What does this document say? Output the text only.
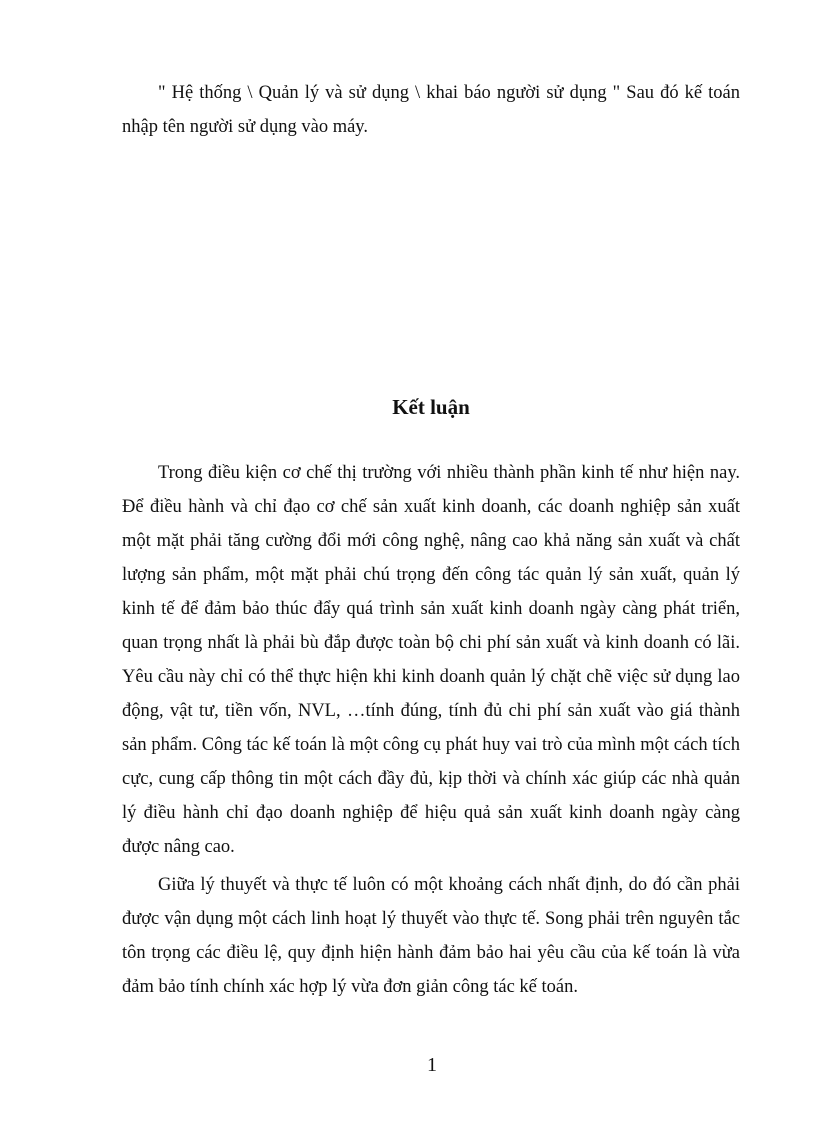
" Hệ thống \ Quản lý và sử dụng \ khai báo người sử dụng " Sau đó kế toán nhập tên người sử dụng vào máy.

Kết luận

Trong điều kiện cơ chế thị trường với nhiều thành phần kinh tế như hiện nay. Để điều hành và chỉ đạo cơ chế sản xuất kinh doanh, các doanh nghiệp sản xuất một mặt phải tăng cường đổi mới công nghệ, nâng cao khả năng sản xuất và chất lượng sản phẩm, một mặt phải chú trọng đến công tác quản lý sản xuất, quản lý kinh tế để đảm bảo thúc đẩy quá trình sản xuất kinh doanh ngày càng phát triển, quan trọng nhất là phải bù đắp được toàn bộ chi phí sản xuất và kinh doanh có lãi. Yêu cầu này chỉ có thể thực hiện khi kinh doanh quản lý chặt chẽ việc sử dụng lao động, vật tư, tiền vốn, NVL, …tính đúng, tính đủ chi phí sản xuất vào giá thành sản phẩm. Công tác kế toán là một công cụ phát huy vai trò của mình một cách tích cực, cung cấp thông tin một cách đầy đủ, kịp thời và chính xác giúp các nhà quản lý điều hành chỉ đạo doanh nghiệp để hiệu quả sản xuất kinh doanh ngày càng được nâng cao.

Giữa lý thuyết và thực tế luôn có một khoảng cách nhất định, do đó cần phải được vận dụng một cách linh hoạt lý thuyết vào thực tế. Song phải trên nguyên tắc tôn trọng các điều lệ, quy định hiện hành đảm bảo hai yêu cầu của kế toán là vừa đảm bảo tính chính xác hợp lý vừa đơn giản công tác kế toán.

1
